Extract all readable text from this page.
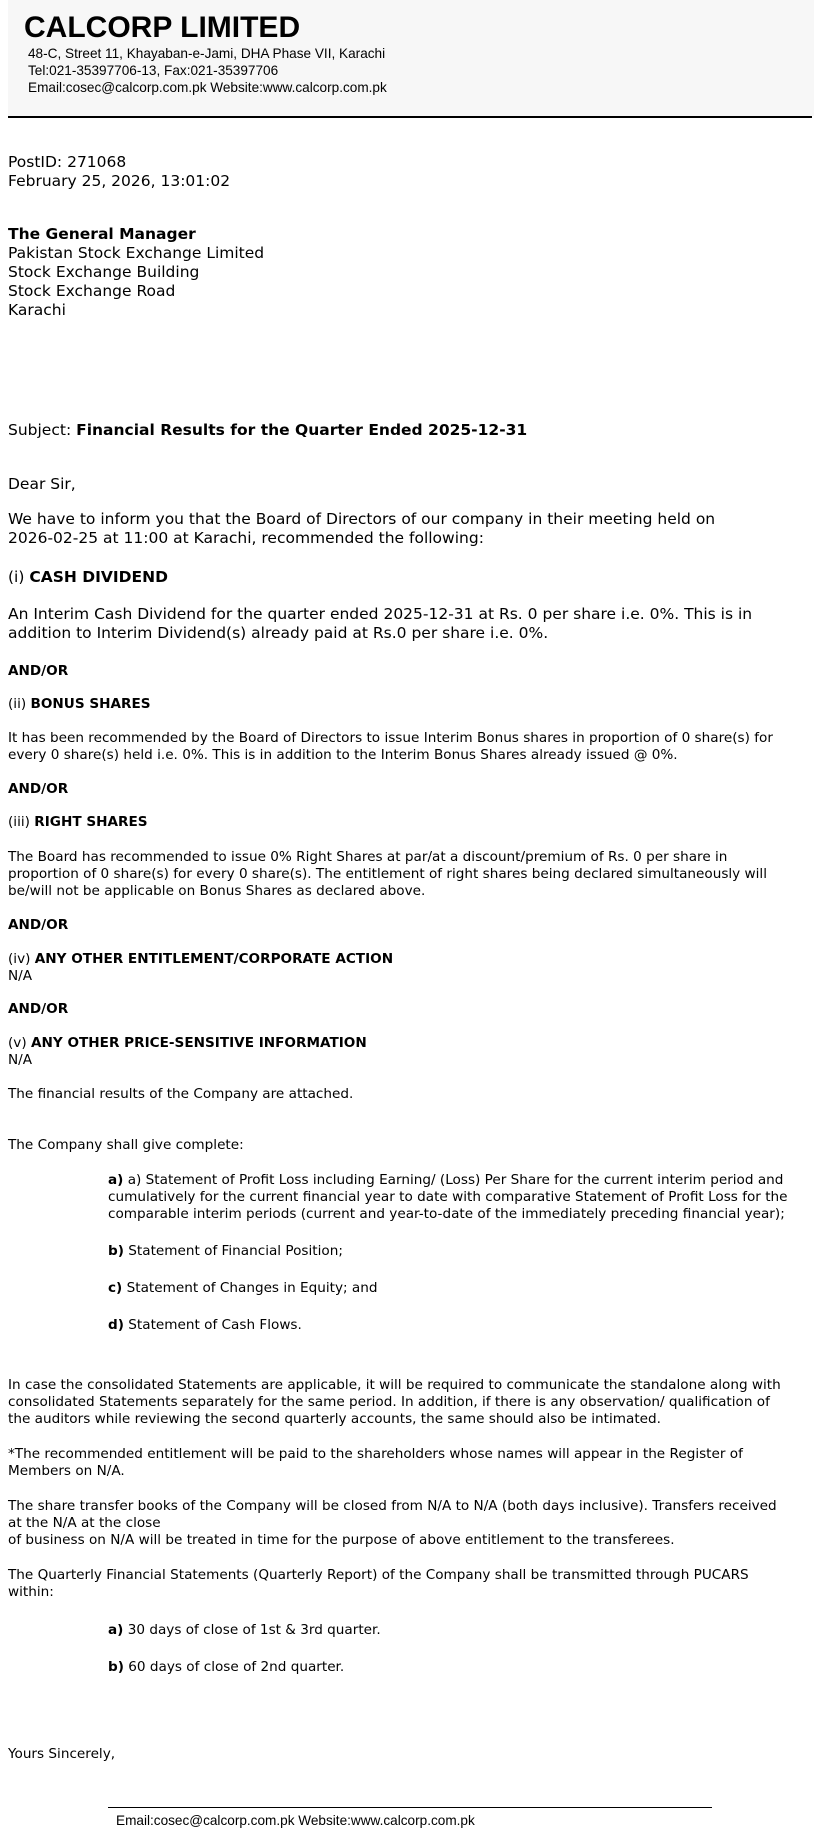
CALCORP LIMITED
48-C, Street 11, Khayaban-e-Jami, DHA Phase VII, Karachi
Tel:021-35397706-13, Fax:021-35397706
Email:cosec@calcorp.com.pk Website:www.calcorp.com.pk
PostID: 271068
February 25, 2026, 13:01:02
The General Manager
Pakistan Stock Exchange Limited
Stock Exchange Building
Stock Exchange Road
Karachi
Subject: Financial Results for the Quarter Ended 2025-12-31
Dear Sir,
We have to inform you that the Board of Directors of our company in their meeting held on
2026-02-25 at 11:00 at Karachi, recommended the following:
(i) CASH DIVIDEND
An Interim Cash Dividend for the quarter ended 2025-12-31 at Rs. 0 per share i.e. 0%. This is in
addition to Interim Dividend(s) already paid at Rs.0 per share i.e. 0%.
AND/OR
(ii) BONUS SHARES
It has been recommended by the Board of Directors to issue Interim Bonus shares in proportion of 0 share(s) for
every 0 share(s) held i.e. 0%. This is in addition to the Interim Bonus Shares already issued @ 0%.
AND/OR
(iii) RIGHT SHARES
The Board has recommended to issue 0% Right Shares at par/at a discount/premium of Rs. 0 per share in
proportion of 0 share(s) for every 0 share(s). The entitlement of right shares being declared simultaneously will
be/will not be applicable on Bonus Shares as declared above.
AND/OR
(iv) ANY OTHER ENTITLEMENT/CORPORATE ACTION
N/A
AND/OR
(v) ANY OTHER PRICE-SENSITIVE INFORMATION
N/A
The financial results of the Company are attached.
The Company shall give complete:
a) a) Statement of Profit Loss including Earning/ (Loss) Per Share for the current interim period and
cumulatively for the current financial year to date with comparative Statement of Profit Loss for the
comparable interim periods (current and year-to-date of the immediately preceding financial year);
b) Statement of Financial Position;
c) Statement of Changes in Equity; and
d) Statement of Cash Flows.
In case the consolidated Statements are applicable, it will be required to communicate the standalone along with
consolidated Statements separately for the same period. In addition, if there is any observation/ qualification of
the auditors while reviewing the second quarterly accounts, the same should also be intimated.
*The recommended entitlement will be paid to the shareholders whose names will appear in the Register of
Members on N/A.
The share transfer books of the Company will be closed from N/A to N/A (both days inclusive). Transfers received
at the N/A at the close
of business on N/A will be treated in time for the purpose of above entitlement to the transferees.
The Quarterly Financial Statements (Quarterly Report) of the Company shall be transmitted through PUCARS
within:
a) 30 days of close of 1st & 3rd quarter.
b) 60 days of close of 2nd quarter.
Yours Sincerely,
Email:cosec@calcorp.com.pk Website:www.calcorp.com.pk
